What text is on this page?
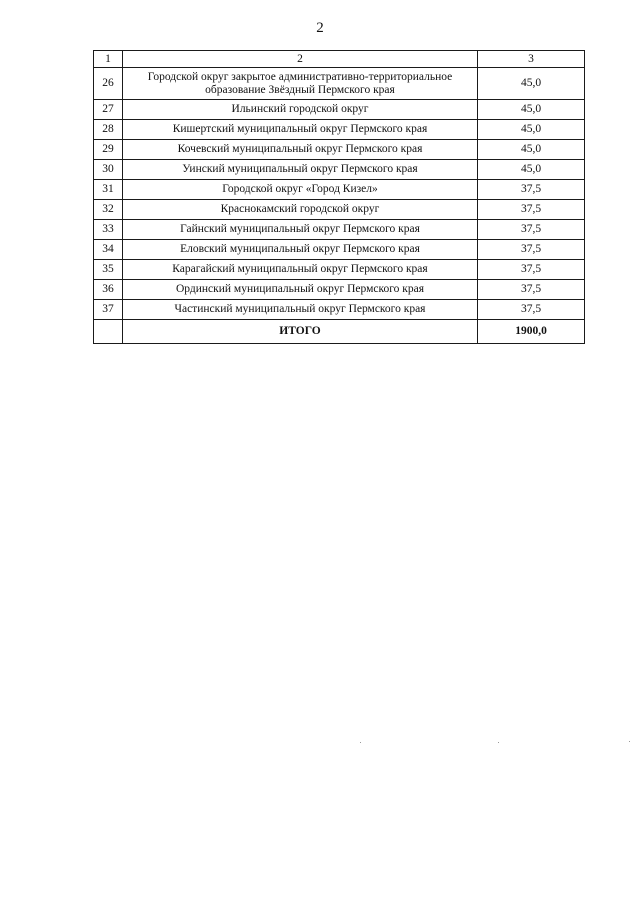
2
1	2	3
26	Городской округ закрытое административно-территориальное образование Звёздный Пермского края	45,0
27	Ильинский городской округ	45,0
28	Кишертский муниципальный округ Пермского края	45,0
29	Кочевский муниципальный округ Пермского края	45,0
30	Уинский муниципальный округ Пермского края	45,0
31	Городской округ «Город Кизел»	37,5
32	Краснокамский городской округ	37,5
33	Гайнский муниципальный округ Пермского края	37,5
34	Еловский муниципальный округ Пермского края	37,5
35	Карагайский муниципальный округ Пермского края	37,5
36	Ординский муниципальный округ Пермского края	37,5
37	Частинский муниципальный округ Пермского края	37,5
	ИТОГО	1900,0
